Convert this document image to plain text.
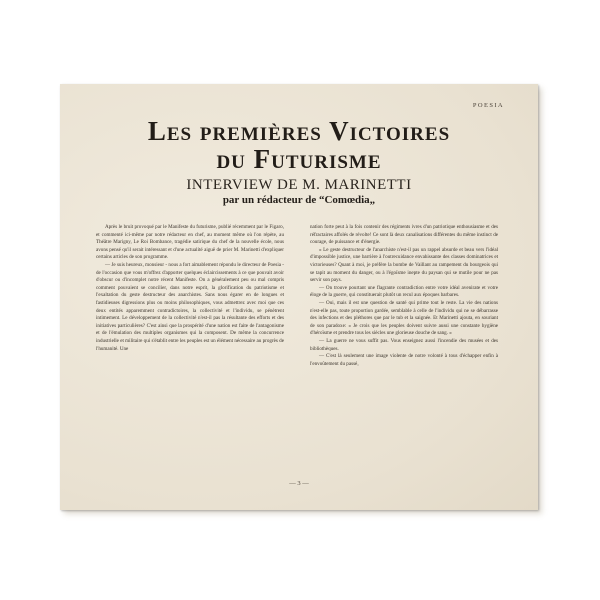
POESIA
Les premières Victoires
du Futurisme
INTERVIEW DE M. MARINETTI
par un rédacteur de “Comœdia„

Après le bruit provoqué par le Manifeste du futurisme, publié récemment par le Figaro, et commenté ici-même par notre rédacteur en chef, au moment même où l'on répète, au Théâtre Marigny, Le Roi Bombance, tragédie satirique du chef de la nouvelle école, nous avons pensé qu'il serait intéressant et d'une actualité aiguë de prier M. Marinetti d'expliquer certains articles de son programme.

— Je suis heureux, monsieur - nous a fort aimablement répondu le directeur de Poesia - de l'occasion que vous m'offrez d'apporter quelques éclaircissements à ce que pouvait avoir d'obscur ou d'incomplet notre récent Manifeste. On a généralement peu ou mal compris comment pouvaient se concilier, dans notre esprit, la glorification du patriotisme et l'exaltation du geste destructeur des anarchistes. Sans nous égarer en de longues et fastidieuses digressions plus ou moins philosophiques, vous admettrez avec moi que ces deux entités apparemment contradictoires, la collectivité et l'individu, se pénètrent intimement. Le développement de la collectivité n'est-il pas la résultante des efforts et des initiatives particulières? C'est ainsi que la prospérité d'une nation est faite de l'antagonisme et de l'émulation des multiples organismes qui la composent. De même la concurrence industrielle et militaire qui s'établit entre les peuples est un élément nécessaire au progrès de l'humanité. Une

nation forte peut à la fois contenir des régiments ivres d'un patriotique enthousiasme et des réfractaires affolés de révolte! Ce sont là deux canalisations différentes du même instinct de courage, de puissance et d'énergie.

« Le geste destructeur de l'anarchiste n'est-il pas un rappel absurde et beau vers l'idéal d'impossible justice, une barrière à l'outrecuidance envahissante des classes dominatrices et victorieuses? Quant à moi, je préfère la bombe de Vaillant au rampement du bourgeois qui se tapit au moment du danger, ou à l'égoïsme inepte du paysan qui se mutile pour ne pas servir son pays.

— On trouve pourtant une flagrante contradiction entre votre idéal avenirate et votre éloge de la guerre, qui constituerait plutôt un recul aux époques barbares.

— Oui, mais il est une question de santé qui prime tout le reste. La vie des nations n'est-elle pas, toute proportion gardée, semblable à celle de l'individu qui ne se débarrasse des infections et des pléthores que par le tub et la saignée. Et Marinetti ajouta, en souriant de son paradoxe: « Je crois que les peuples doivent suivre aussi une constante hygiène d'héroïsme et prendre tous les siècles une glorieuse douche de sang. »

— La guerre ne vous suffit pas. Vous enseignez aussi l'incendie des musées et des bibliothèques.

— C'est là seulement une image violente de notre volonté à tous d'échapper enfin à l'envoûtement du passé,

— 3 —
